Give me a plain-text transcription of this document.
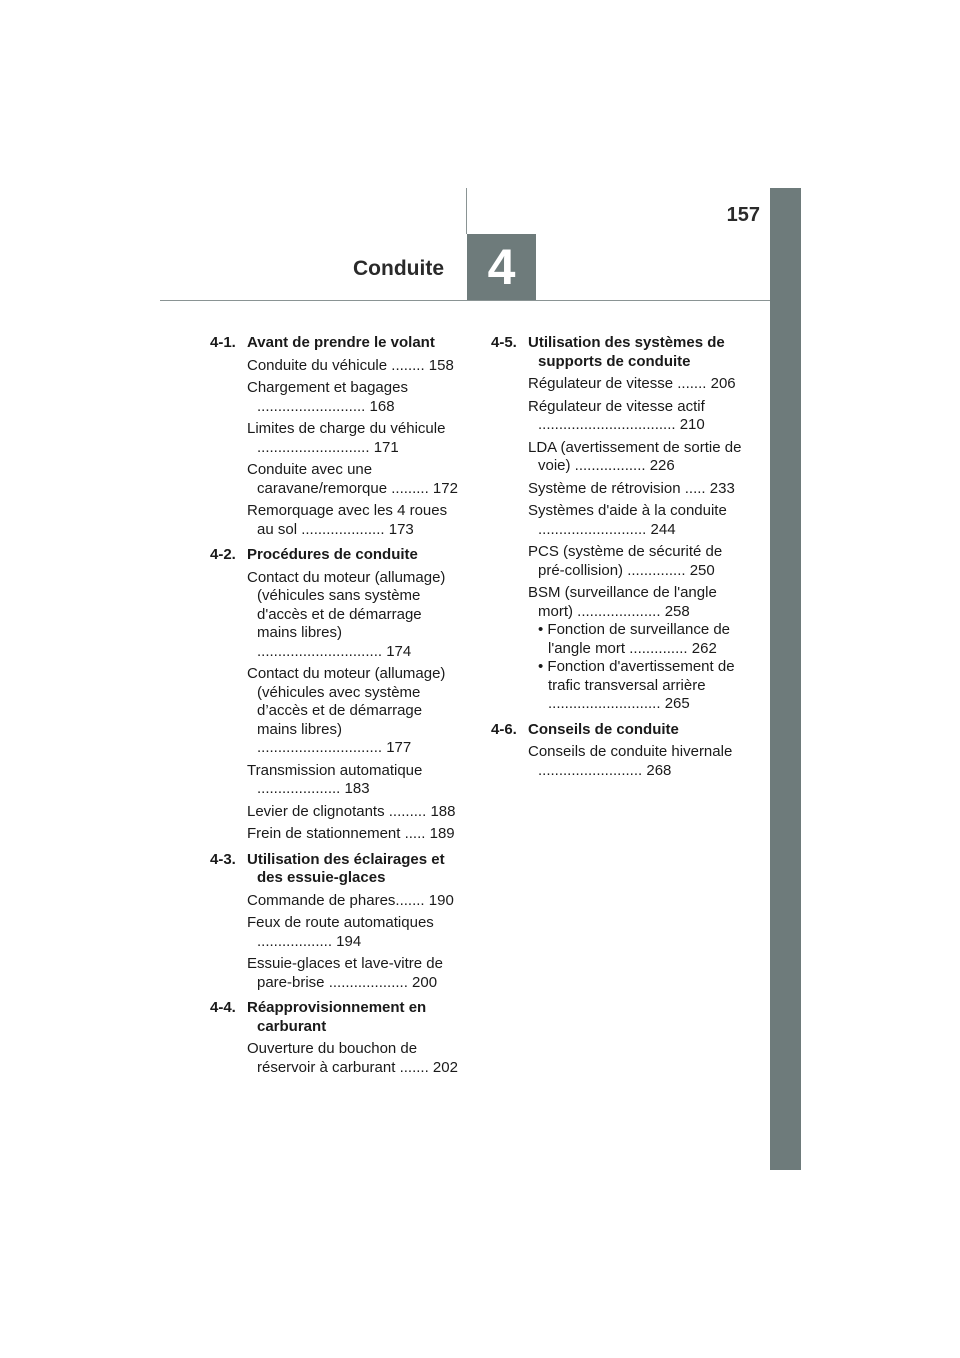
157
Conduite 4
4-1. Avant de prendre le volant
Conduite du véhicule ........ 158
Chargement et bagages .......................... 168
Limites de charge du véhicule ........................... 171
Conduite avec une caravane/remorque ......... 172
Remorquage avec les 4 roues au sol .................... 173
4-2. Procédures de conduite
Contact du moteur (allumage) (véhicules sans système d'accès et de démarrage mains libres) .............................. 174
Contact du moteur (allumage) (véhicules avec système d’accès et de démarrage mains libres) .............................. 177
Transmission automatique .................... 183
Levier de clignotants ......... 188
Frein de stationnement ..... 189
4-3. Utilisation des éclairages et des essuie-glaces
Commande de phares....... 190
Feux de route automatiques .................. 194
Essuie-glaces et lave-vitre de pare-brise ................... 200
4-4. Réapprovisionnement en carburant
Ouverture du bouchon de réservoir à carburant ....... 202
4-5. Utilisation des systèmes de supports de conduite
Régulateur de vitesse ....... 206
Régulateur de vitesse actif ................................. 210
LDA (avertissement de sortie de voie) ................. 226
Système de rétrovision ..... 233
Systèmes d'aide à la conduite .......................... 244
PCS (système de sécurité de pré-collision) .............. 250
BSM (surveillance de l'angle mort) .................... 258
• Fonction de surveillance de l'angle mort .............. 262
• Fonction d'avertissement de trafic transversal arrière ........................... 265
4-6. Conseils de conduite
Conseils de conduite hivernale ......................... 268
